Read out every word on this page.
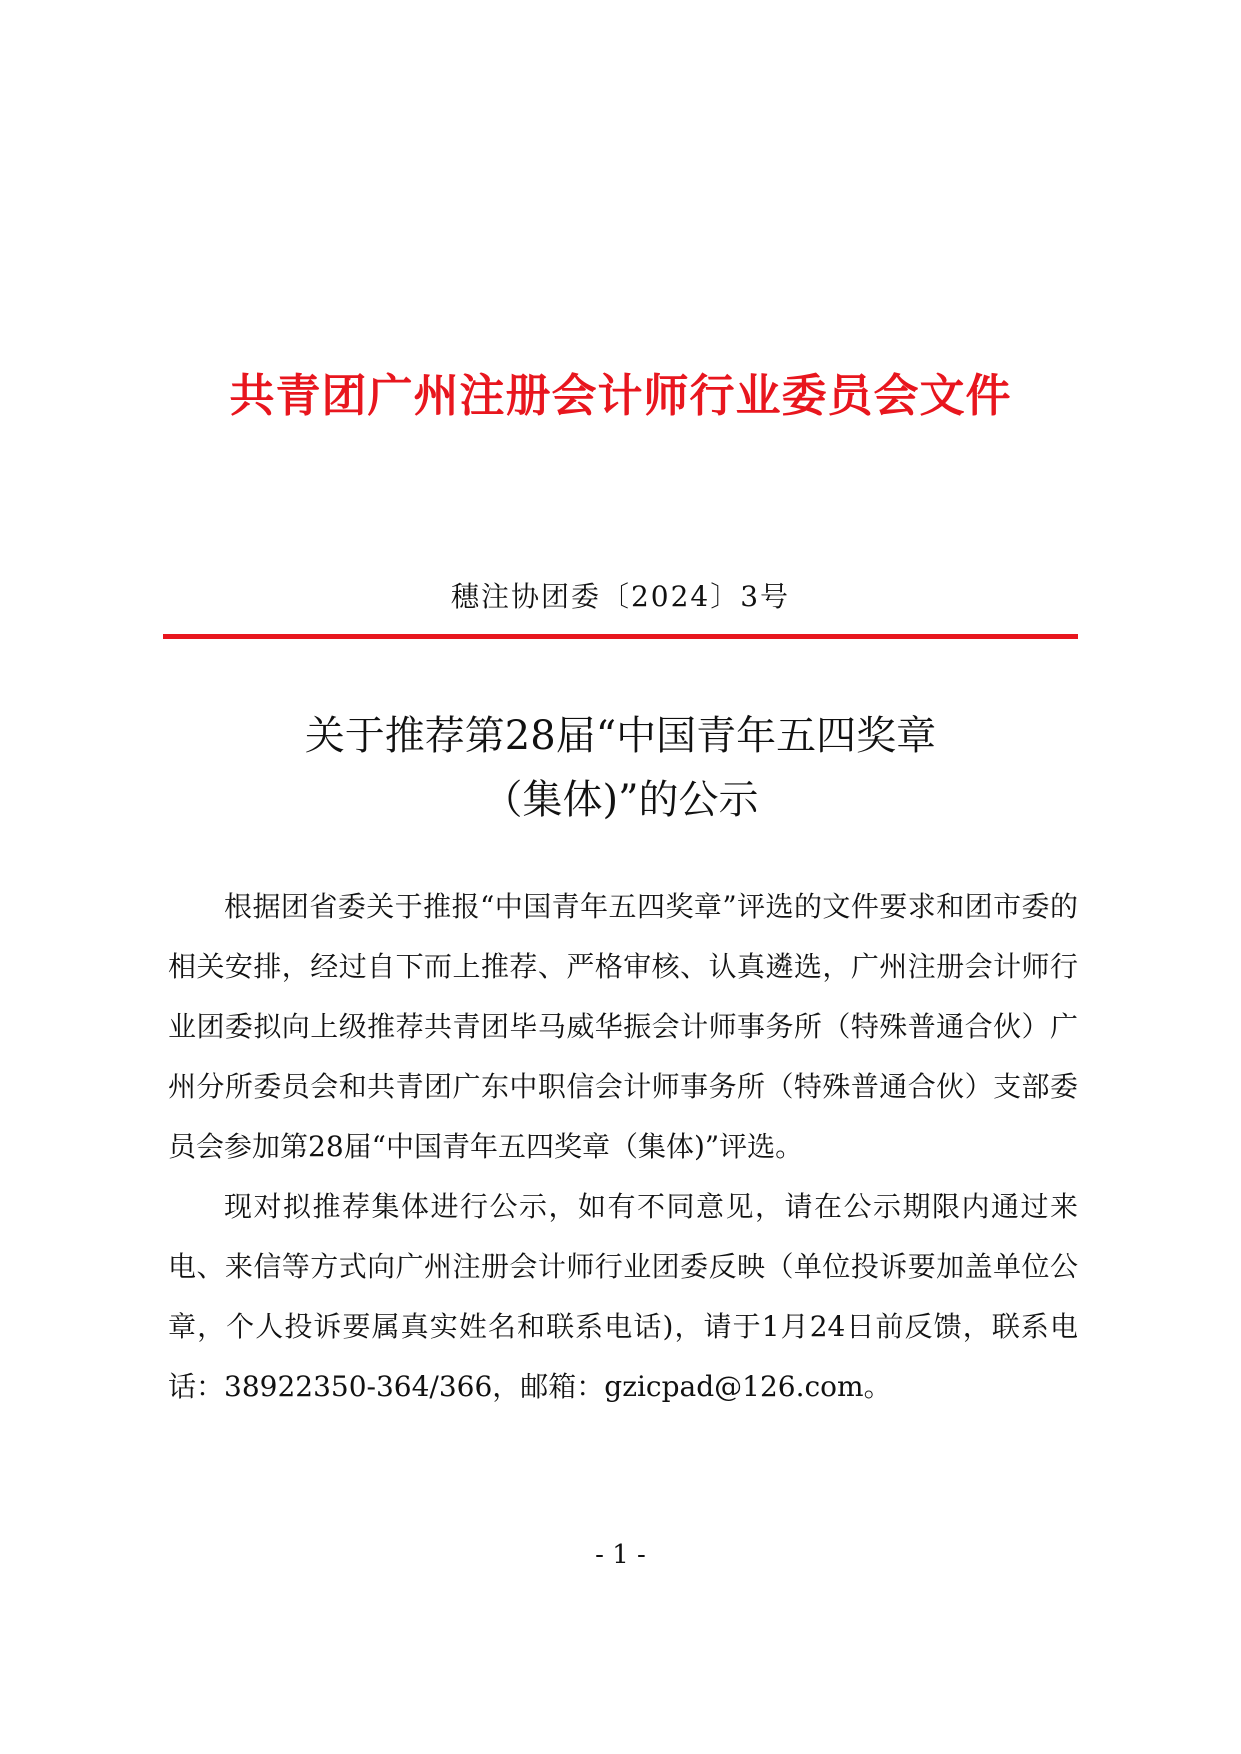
共青团广州注册会计师行业委员会文件
穗注协团委〔2024〕3号
关于推荐第28届“中国青年五四奖章
（集体)”的公示

根据团省委关于推报“中国青年五四奖章”评选的文件要求和团市委的相关安排，经过自下而上推荐、严格审核、认真遴选，广州注册会计师行业团委拟向上级推荐共青团毕马威华振会计师事务所（特殊普通合伙）广州分所委员会和共青团广东中职信会计师事务所（特殊普通合伙）支部委员会参加第28届“中国青年五四奖章（集体)”评选。

现对拟推荐集体进行公示，如有不同意见，请在公示期限内通过来电、来信等方式向广州注册会计师行业团委反映（单位投诉要加盖单位公章，个人投诉要属真实姓名和联系电话)，请于1月24日前反馈，联系电话：38922350-364/366，邮箱：gzicpad@126.com。

- 1 -
